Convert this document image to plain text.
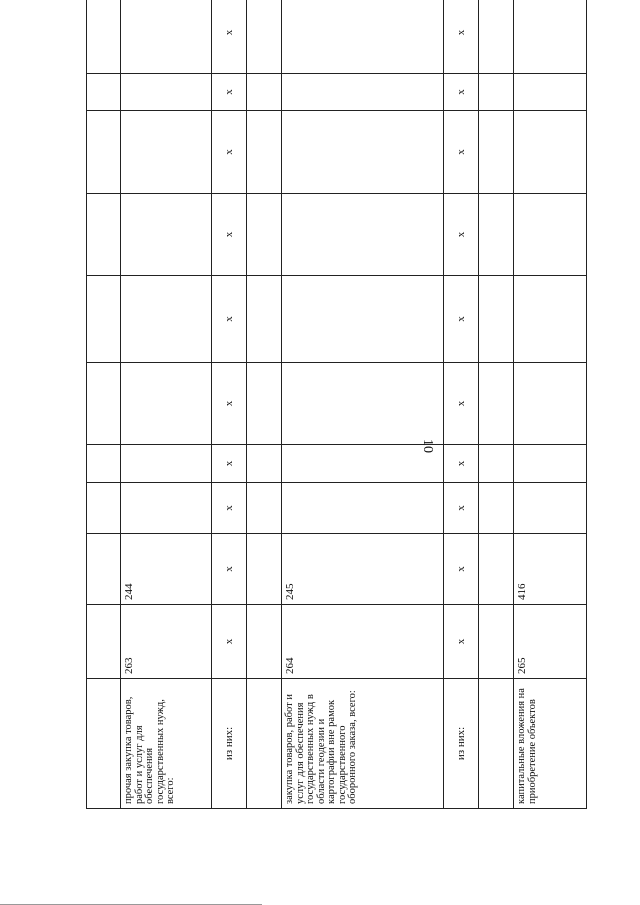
10

прочая закупка товаров, работ и услуг для обеспечения государственных нужд, всего:	263	244								
из них:	х	х	х	х	х	х	х	х	х	х

закупка товаров, работ и услуг для обеспечения государственных нужд в области геодезии и картографии вне рамок государственного оборонного заказа, всего:	264	245								
из них:	х	х	х	х	х	х	х	х	х	х

капитальные вложения на приобретение объектов	265	416								
